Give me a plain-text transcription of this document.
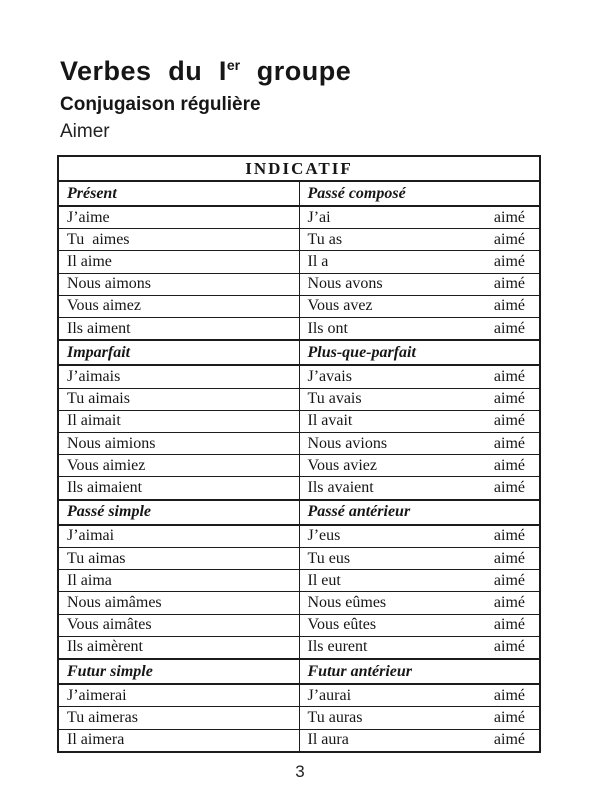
Verbes du Ier groupe
Conjugaison régulière
Aimer
INDICATIF	
Présent	Passé composé
J’aime	J’ai aimé

Tu  aimes	Tu as aimé

Il aime	Il a aimé

Nous aimons	Nous avons aimé

Vous aimez	Vous avez aimé

Ils aiment	Ils ont aimé

Imparfait	Plus-que-parfait
J’aimais	J’avais aimé

Tu aimais	Tu avais aimé

Il aimait	Il avait aimé

Nous aimions	Nous avions aimé

Vous aimiez	Vous aviez aimé

Ils aimaient	Ils avaient aimé

Passé simple	Passé antérieur
J’aimai	J’eus aimé

Tu aimas	Tu eus aimé

Il aima	Il eut aimé

Nous aimâmes	Nous eûmes aimé

Vous aimâtes	Vous eûtes aimé

Ils aimèrent	Ils eurent aimé

Futur simple	Futur antérieur
J’aimerai	J’aurai aimé

Tu aimeras	Tu auras aimé

Il aimera	Il aura aimé
3
